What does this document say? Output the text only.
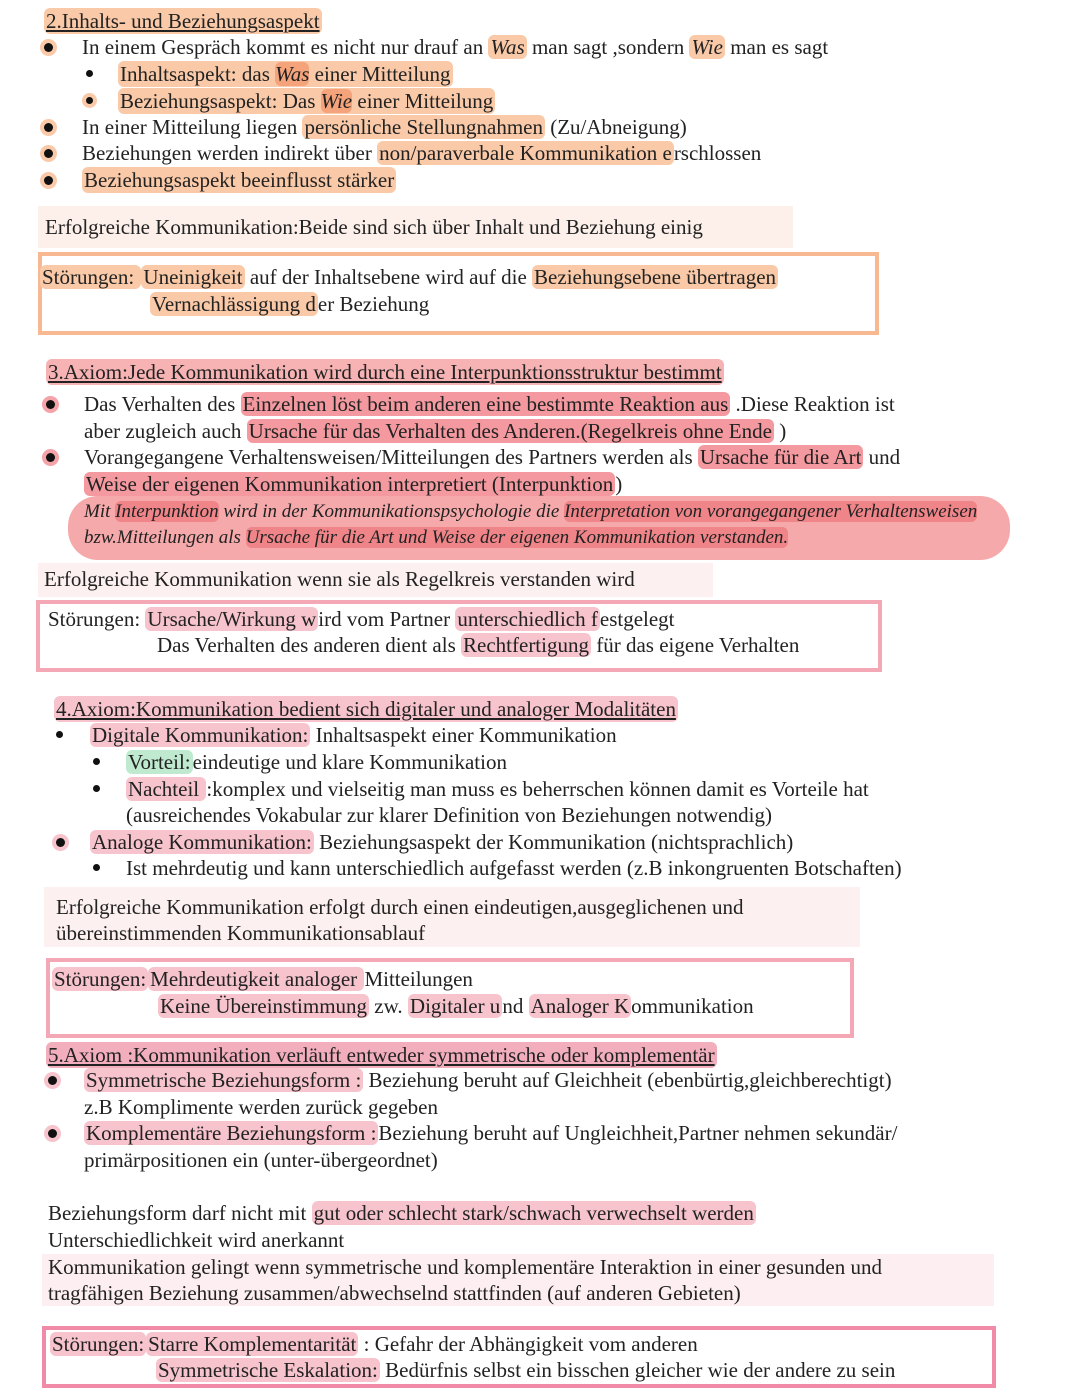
2.Inhalts- und Beziehungsaspekt
In einem Gespräch kommt es nicht nur drauf an Was man sagt ,sondern Wie man es sagt
Inhaltsaspekt: das Was einer Mitteilung
Beziehungsaspekt: Das Wie einer Mitteilung
In einer Mitteilung liegen persönliche Stellungnahmen (Zu/Abneigung)
Beziehungen werden indirekt über non/paraverbale Kommunikation erschlossen
Beziehungsaspekt beeinflusst stärker
Erfolgreiche Kommunikation:Beide sind sich über Inhalt und Beziehung einig
Störungen: Uneinigkeit auf der Inhaltsebene wird auf die Beziehungsebene übertragen
Vernachlässigung der Beziehung
3.Axiom:Jede Kommunikation wird durch eine Interpunktionsstruktur bestimmt
Das Verhalten des Einzelnen löst beim anderen eine bestimmte Reaktion aus .Diese Reaktion ist
aber zugleich auch Ursache für das Verhalten des Anderen.(Regelkreis ohne Ende )
Vorangegangene Verhaltensweisen/Mitteilungen des Partners werden als Ursache für die Art und
Weise der eigenen Kommunikation interpretiert (Interpunktion)
Mit Interpunktion wird in der Kommunikationspsychologie die Interpretation von vorangegangener Verhaltensweisen
bzw.Mitteilungen als Ursache für die Art und Weise der eigenen Kommunikation verstanden.
Erfolgreiche Kommunikation wenn sie als Regelkreis verstanden wird
Störungen: Ursache/Wirkung wird vom Partner unterschiedlich festgelegt
Das Verhalten des anderen dient als Rechtfertigung für das eigene Verhalten
4.Axiom:Kommunikation bedient sich digitaler und analoger Modalitäten
Digitale Kommunikation: Inhaltsaspekt einer Kommunikation
Vorteil:eindeutige und klare Kommunikation
Nachteil :komplex und vielseitig man muss es beherrschen können damit es Vorteile hat
(ausreichendes Vokabular zur klarer Definition von Beziehungen notwendig)
Analoge Kommunikation: Beziehungsaspekt der Kommunikation (nichtsprachlich)
Ist mehrdeutig und kann unterschiedlich aufgefasst werden (z.B inkongruenten Botschaften)
Erfolgreiche Kommunikation erfolgt durch einen eindeutigen,ausgeglichenen und
übereinstimmenden Kommunikationsablauf
Störungen: Mehrdeutigkeit analoger Mitteilungen
Keine Übereinstimmung zw. Digitaler und Analoger Kommunikation
5.Axiom :Kommunikation verläuft entweder symmetrische oder komplementär
Symmetrische Beziehungsform : Beziehung beruht auf Gleichheit (ebenbürtig,gleichberechtigt)
z.B Komplimente werden zurück gegeben
Komplementäre Beziehungsform :Beziehung beruht auf Ungleichheit,Partner nehmen sekundär/
primärpositionen ein (unter-übergeordnet)
Beziehungsform darf nicht mit gut oder schlecht stark/schwach verwechselt werden
Unterschiedlichkeit wird anerkannt
Kommunikation gelingt wenn symmetrische und komplementäre Interaktion in einer gesunden und
tragfähigen Beziehung zusammen/abwechselnd stattfinden (auf anderen Gebieten)
Störungen: Starre Komplementarität : Gefahr der Abhängigkeit vom anderen
Symmetrische Eskalation: Bedürfnis selbst ein bisschen gleicher wie der andere zu sein
